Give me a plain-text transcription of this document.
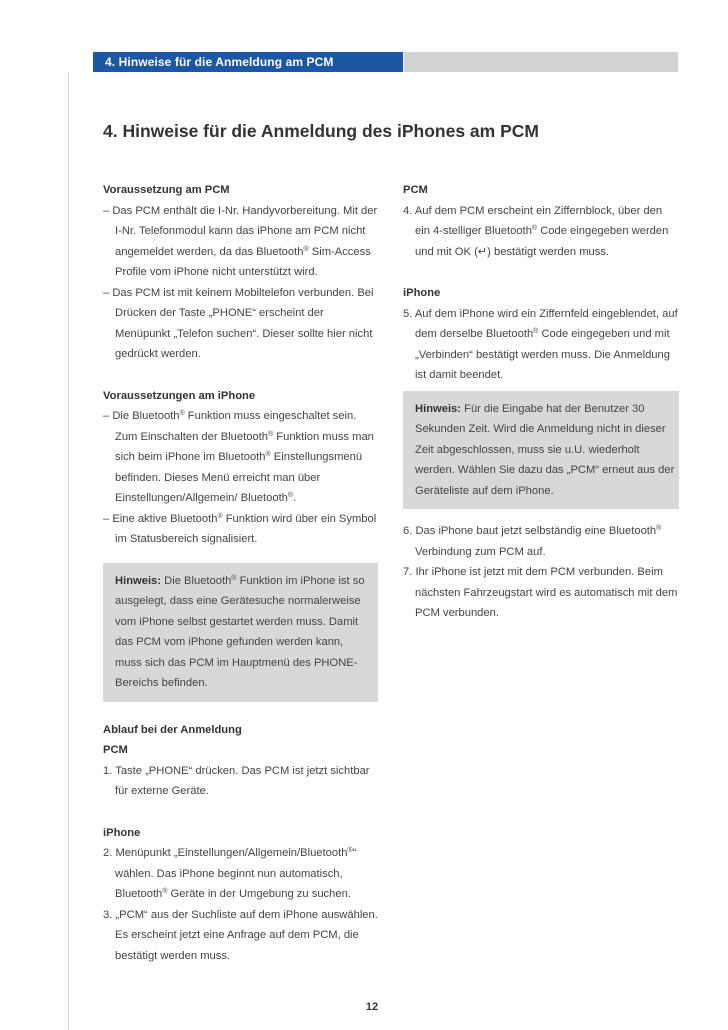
4. Hinweise für die Anmeldung am PCM
4. Hinweise für die Anmeldung des iPhones am PCM

Voraussetzung am PCM

– Das PCM enthält die I-Nr. Handyvorbereitung. Mit der I-Nr. Telefonmodul kann das iPhone am PCM nicht angemeldet werden, da das Bluetooth® Sim-Access Profile vom iPhone nicht unterstützt wird.

– Das PCM ist mit keinem Mobiltelefon verbunden. Bei Drücken der Taste „PHONE“ erscheint der Menüpunkt „Telefon suchen“. Dieser sollte hier nicht gedrückt werden.

Voraussetzungen am iPhone

– Die Bluetooth® Funktion muss eingeschaltet sein. Zum Einschalten der Bluetooth® Funktion muss man sich beim iPhone im Bluetooth® Einstellungsmenü befinden. Dieses Menü erreicht man über Einstellungen/Allgemein/ Bluetooth®.

– Eine aktive Bluetooth® Funktion wird über ein Symbol im Statusbereich signalisiert.

Hinweis: Die Bluetooth® Funktion im iPhone ist so ausgelegt, dass eine Gerätesuche normalerweise vom iPhone selbst gestartet werden muss. Damit das PCM vom iPhone gefunden werden kann, muss sich das PCM im Hauptmenü des PHONE-Bereichs befinden.

Ablauf bei der Anmeldung

PCM

1. Taste „PHONE“ drücken. Das PCM ist jetzt sichtbar für externe Geräte.

iPhone

2. Menüpunkt „Einstellungen/Allgemein/Bluetooth®“ wählen. Das iPhone beginnt nun automatisch, Bluetooth® Geräte in der Umgebung zu suchen.

3. „PCM“ aus der Suchliste auf dem iPhone auswählen. Es erscheint jetzt eine Anfrage auf dem PCM, die bestätigt werden muss.

PCM

4. Auf dem PCM erscheint ein Ziffernblock, über den ein 4-stelliger Bluetooth® Code eingegeben werden und mit OK (↵) bestätigt werden muss.

iPhone

5. Auf dem iPhone wird ein Ziffernfeld eingeblendet, auf dem derselbe Bluetooth® Code eingegeben und mit „Verbinden“ bestätigt werden muss. Die Anmeldung ist damit beendet.

Hinweis: Für die Eingabe hat der Benutzer 30 Sekunden Zeit. Wird die Anmeldung nicht in dieser Zeit abgeschlossen, muss sie u.U. wiederholt werden. Wählen Sie dazu das „PCM“ erneut aus der Geräteliste auf dem iPhone.

6. Das iPhone baut jetzt selbständig eine Bluetooth® Verbindung zum PCM auf.

7. Ihr iPhone ist jetzt mit dem PCM verbunden. Beim nächsten Fahrzeugstart wird es automatisch mit dem PCM verbunden.

12
